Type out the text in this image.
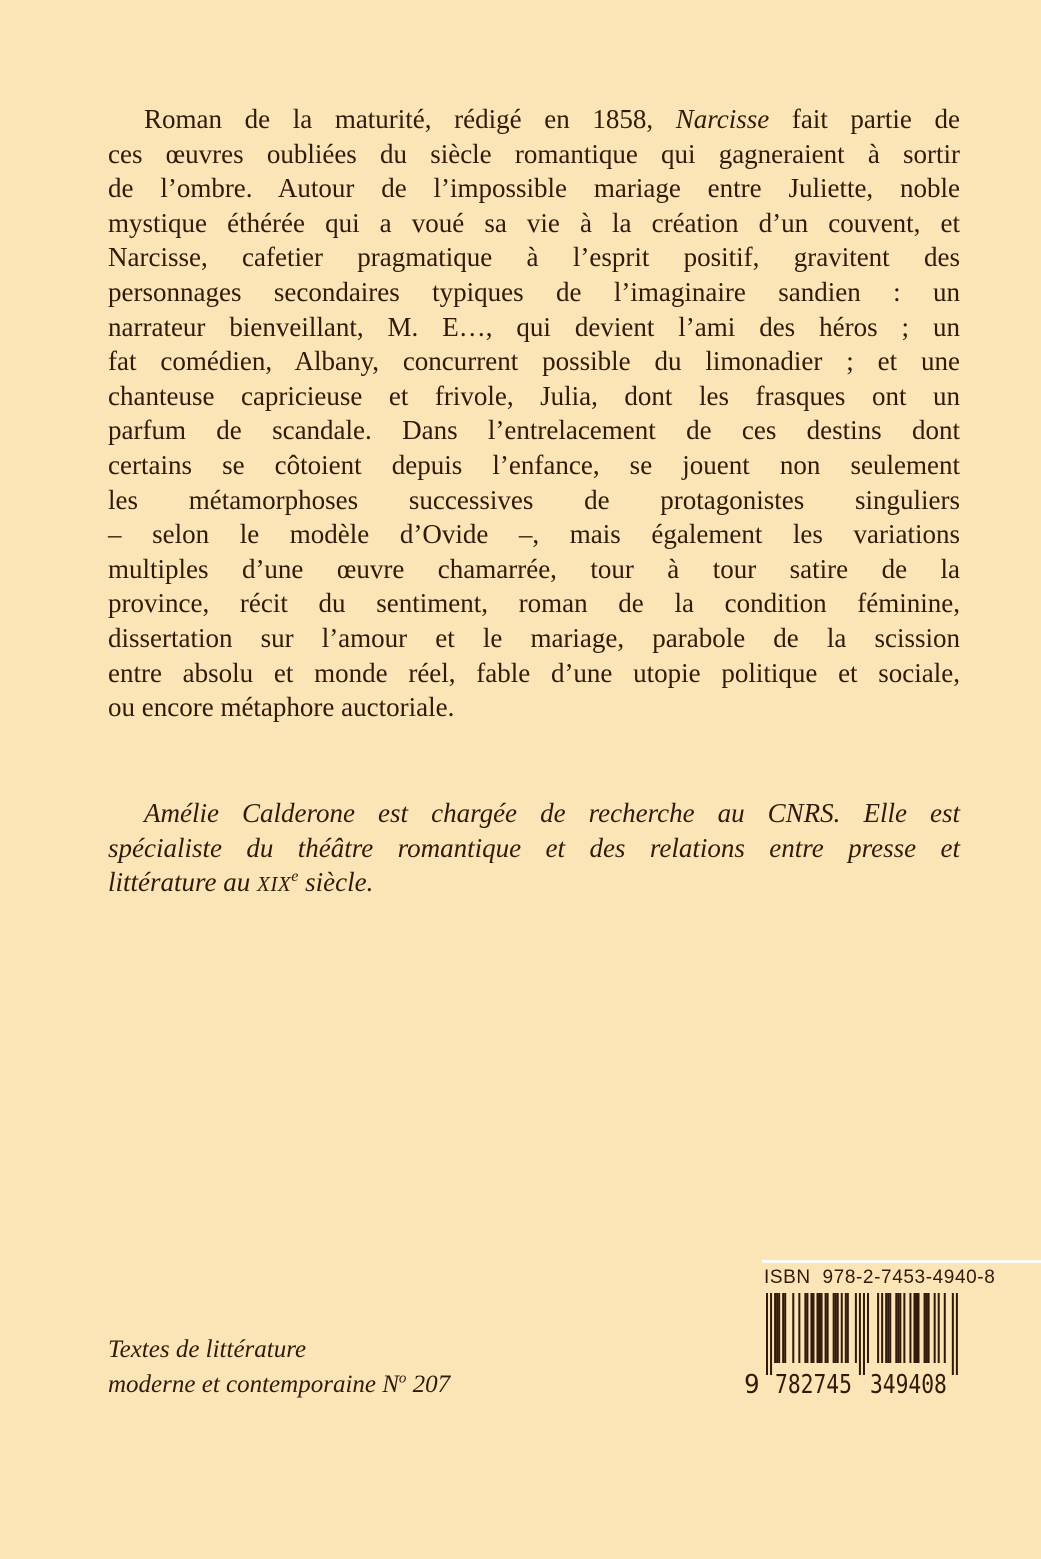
Roman de la maturité, rédigé en 1858, Narcisse fait partie de
ces œuvres oubliées du siècle romantique qui gagneraient à sortir
de l’ombre. Autour de l’impossible mariage entre Juliette, noble
mystique éthérée qui a voué sa vie à la création d’un couvent, et
Narcisse, cafetier pragmatique à l’esprit positif, gravitent des
personnages secondaires typiques de l’imaginaire sandien : un
narrateur bienveillant, M. E…, qui devient l’ami des héros ; un
fat comédien, Albany, concurrent possible du limonadier ; et une
chanteuse capricieuse et frivole, Julia, dont les frasques ont un
parfum de scandale. Dans l’entrelacement de ces destins dont
certains se côtoient depuis l’enfance, se jouent non seulement
les métamorphoses successives de protagonistes singuliers
– selon le modèle d’Ovide –, mais également les variations
multiples d’une œuvre chamarrée, tour à tour satire de la
province, récit du sentiment, roman de la condition féminine,
dissertation sur l’amour et le mariage, parabole de la scission
entre absolu et monde réel, fable d’une utopie politique et sociale,
ou encore métaphore auctoriale.
Amélie Calderone est chargée de recherche au CNRS. Elle est
spécialiste du théâtre romantique et des relations entre presse et
littérature au XIXe siècle.
Textes de littérature
moderne et contemporaine $N^o$ 207
ISBN  978-2-7453-4940-8
9 782745 349408
